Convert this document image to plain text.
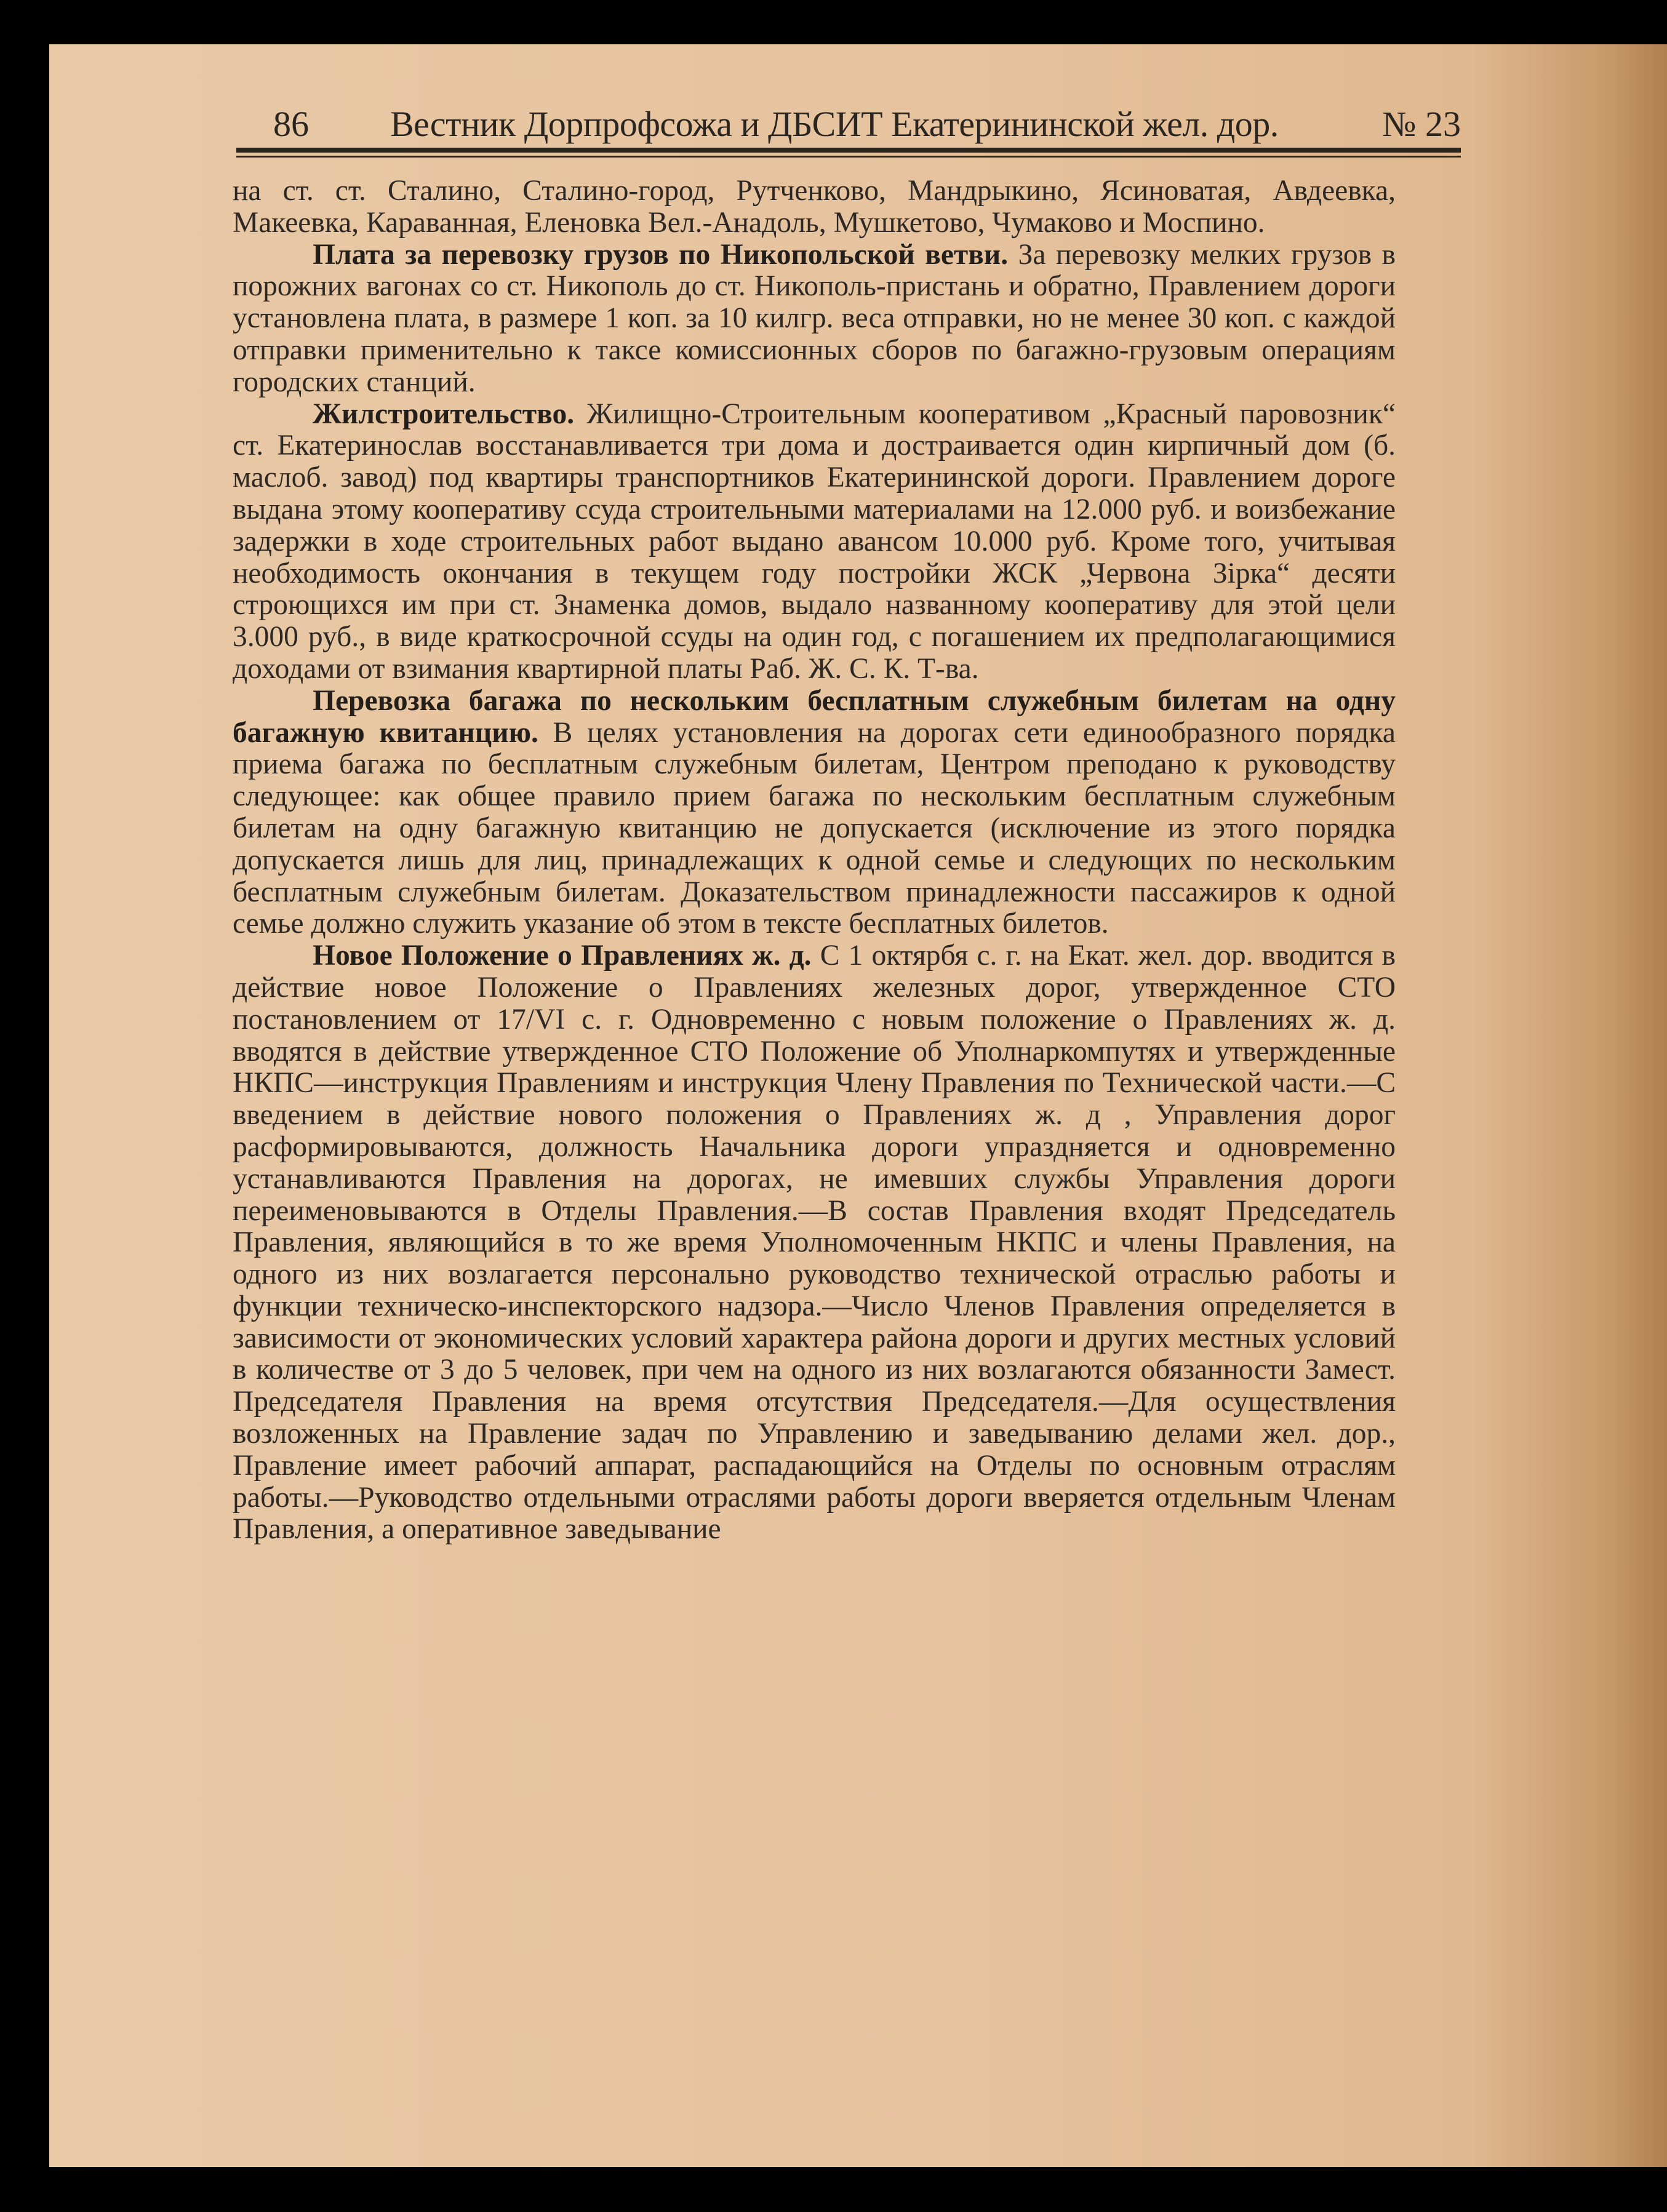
86 Вестник Дорпрофсожа и ДБСИТ Екатерининской жел. дор.	№ 23

на ст. ст. Сталино, Сталино-город, Рутченково, Мандрыкино, Ясиноватая, Авдеевка, Макеевка, Караванная, Еленовка Вел.-Анадоль, Мушкетово, Чумаково и Моспино.

Плата за перевозку грузов по Никопольской ветви. За перевозку мелких грузов в порожних вагонах со ст. Никополь до ст. Никополь-пристань и обратно, Правлением дороги установлена плата, в размере 1 коп. за 10 килгр. веса отправки, но не менее 30 коп. с каждой отправки применительно к таксе комиссионных сборов по багажно-грузовым операциям городских станций.

Жилстроительство. Жилищно-Строительным кооперативом „Красный паровозник“ ст. Екатеринослав восстанавливается три дома и достраивается один кирпичный дом (б. маслоб. завод) под квартиры транспортников Екатерининской дороги. Правлением дороге выдана этому кооперативу ссуда строительными материалами на 12.000 руб. и воизбежание задержки в ходе строительных работ выдано авансом 10.000 руб. Кроме того, учитывая необходимость окончания в текущем году постройки ЖСК „Червона Зірка“ десяти строющихся им при ст. Знаменка домов, выдало названному кооперативу для этой цели 3.000 руб., в виде краткосрочной ссуды на один год, с погашением их предполагающимися доходами от взимания квартирной платы Раб. Ж. С. К. Т-ва.

Перевозка багажа по нескольким бесплатным служебным билетам на одну багажную квитанцию. В целях установления на дорогах сети единообразного порядка приема багажа по бесплатным служебным билетам, Центром преподано к руководству следующее: как общее правило прием багажа по нескольким бесплатным служебным билетам на одну багажную квитанцию не допускается (исключение из этого порядка допускается лишь для лиц, принадлежащих к одной семье и следующих по нескольким бесплатным служебным билетам. Доказательством принадлежности пассажиров к одной семье должно служить указание об этом в тексте бесплатных билетов.

Новое Положение о Правлениях ж. д. С 1 октярбя с. г. на Екат. жел. дор. вводится в действие новое Положение о Правлениях железных дорог, утвержденное СТО постановлением от 17/VI с. г. Одновременно с новым положение о Правлениях ж. д. вводятся в действие утвержденное СТО Положение об Уполнаркомпутях и утвержденные НКПС—инструкция Правлениям и инструкция Члену Правления по Технической части.—С введением в действие нового положения о Правлениях ж. д , Управления дорог расформировываются, должность Начальника дороги упраздняется и одновременно устанавливаются Правления на дорогах, не имевших службы Управления дороги переименовываются в Отделы Правления.—В состав Правления входят Председатель Правления, являющийся в то же время Уполномоченным НКПС и члены Правления, на одного из них возлагается персонально руководство технической отраслью работы и функции техническо-инспекторского надзора.—Число Членов Правления определяется в зависимости от экономических условий характера района дороги и других местных условий в количестве от 3 до 5 человек, при чем на одного из них возлагаются обязанности Замест. Председателя Правления на время отсутствия Председателя.—Для осуществления возложенных на Правление задач по Управлению и заведыванию делами жел. дор., Правление имеет рабочий аппарат, распадающийся на Отделы по основным отраслям работы.—Руководство отдельными отраслями работы дороги вверяется отдельным Членам Правления, а оперативное заведывание
